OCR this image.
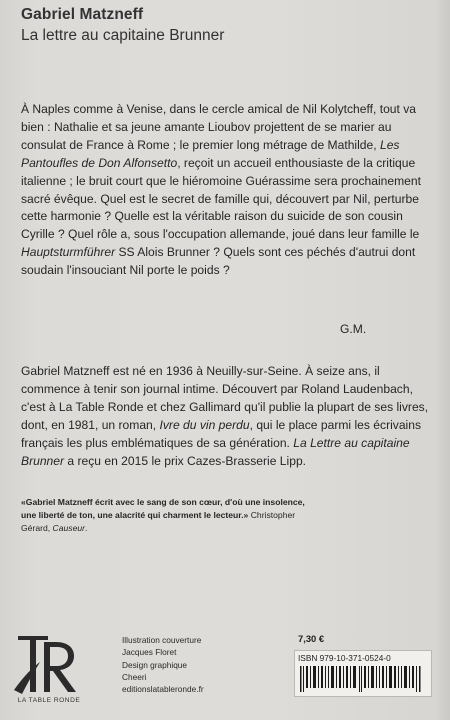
Gabriel Matzneff
La lettre au capitaine Brunner

À Naples comme à Venise, dans le cercle amical de Nil Kolytcheff, tout va bien : Nathalie et sa jeune amante Lioubov projettent de se marier au consulat de France à Rome ; le premier long métrage de Mathilde, Les Pantoufles de Don Alfonsetto, reçoit un accueil enthousiaste de la critique italienne ; le bruit court que le hiéromoine Guérassime sera prochainement sacré évêque. Quel est le secret de famille qui, découvert par Nil, perturbe cette harmonie ? Quelle est la véritable raison du suicide de son cousin Cyrille ? Quel rôle a, sous l'occupation allemande, joué dans leur famille le Hauptsturmführer SS Alois Brunner ? Quels sont ces péchés d'autrui dont soudain l'insouciant Nil porte le poids ?

G.M.
Gabriel Matzneff est né en 1936 à Neuilly-sur-Seine. À seize ans, il commence à tenir son journal intime. Découvert par Roland Laudenbach, c'est à La Table Ronde et chez Gallimard qu'il publie la plupart de ses livres, dont, en 1981, un roman, Ivre du vin perdu, qui le place parmi les écrivains français les plus emblématiques de sa génération. La Lettre au capitaine Brunner a reçu en 2015 le prix Cazes-Brasserie Lipp.
«Gabriel Matzneff écrit avec le sang de son cœur, d'où une insolence, une liberté de ton, une alacrité qui charment le lecteur.» Christopher Gérard, Causeur.
LA TABLE RONDE
Illustration couverture
Jacques Floret
Design graphique
Cheeri
editionslatableronde.fr
7,30 €
ISBN 979-10-371-0524-0
